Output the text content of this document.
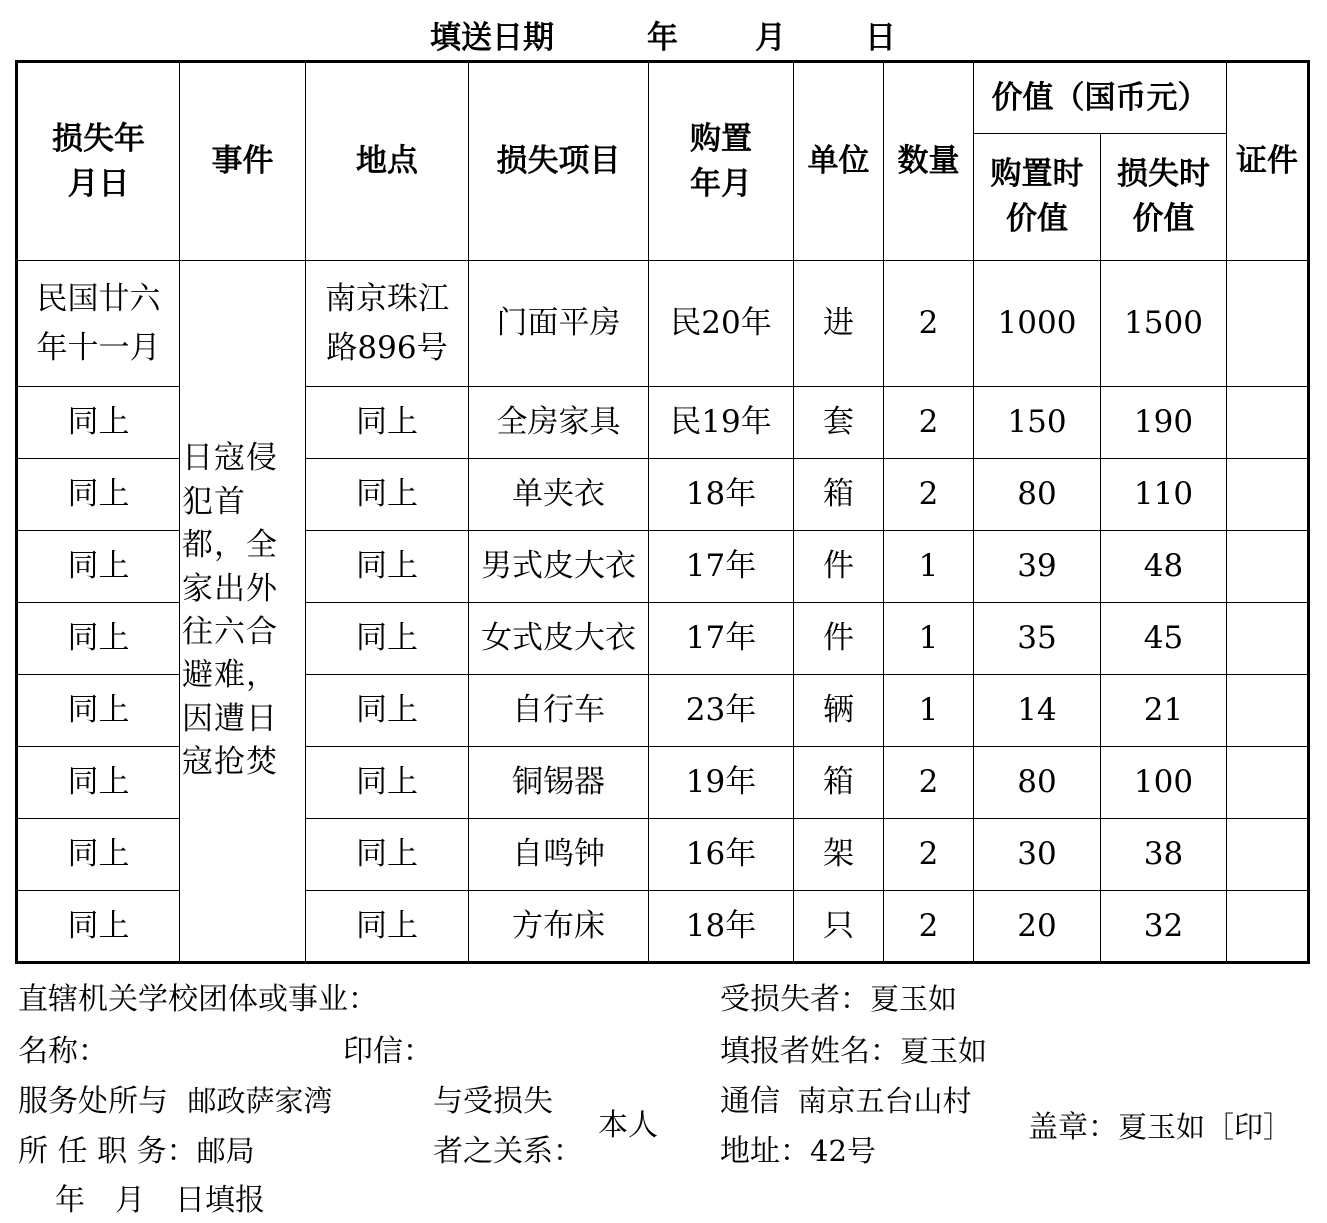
填送日期	年 月	日
损失年月日	事件	地点	损失项目	购置年月	单位	数量	价值（国币元）		证件
							购置时价值	损失时价值	
民国廿六年十一月	日寇侵犯首都，全家出外往六合避难，因遭日寇抢焚	南京珠江路896号	门面平房	民20年	进	2	1000	1500	
同上		同上	全房家具	民19年	套	2	150	190	
同上		同上	单夹衣	18年	箱	2	80	110	
同上		同上	男式皮大衣	17年	件	1	39	48	
同上		同上	女式皮大衣	17年	件	1	35	45	
同上		同上	自行车	23年	辆	1	14	21	
同上		同上	铜锡器	19年	箱	2	80	100	
同上		同上	自鸣钟	16年	架	2	30	38	
同上		同上	方布床	18年	只	2	20	32	
直辖机关学校团体或事业：
名称：	印信：
服务处所与 邮政萨家湾
所 任 职 务：邮局
与受损失
者之关系：
本人
受损失者：夏玉如
填报者姓名：夏玉如
通信 南京五台山村
地址：42号
盖章：夏玉如［印］
年　月　日填报
